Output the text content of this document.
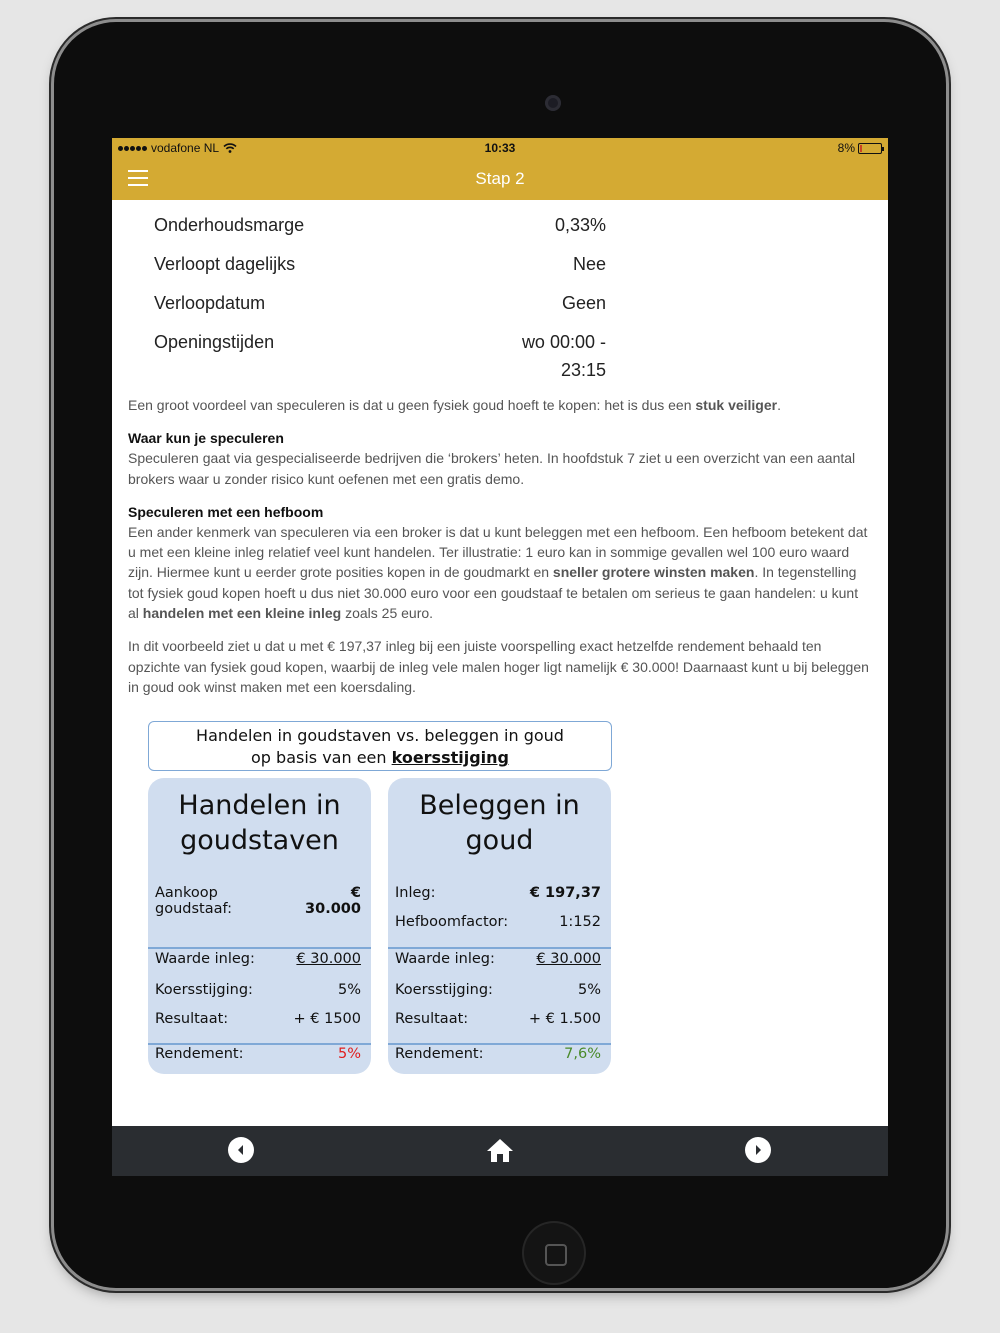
vodafone NL	10:33	8%
Stap 2
Onderhoudsmarge	0,33%
Verloopt dagelijks	Nee
Verloopdatum	Geen
Openingstijden	wo 00:00 -
23:15

Een groot voordeel van speculeren is dat u geen fysiek goud hoeft te kopen: het is dus een stuk veiliger.

Waar kun je speculeren

Speculeren gaat via gespecialiseerde bedrijven die ‘brokers’ heten. In hoofdstuk 7 ziet u een overzicht van een aantal brokers waar u zonder risico kunt oefenen met een gratis demo.

Speculeren met een hefboom

Een ander kenmerk van speculeren via een broker is dat u kunt beleggen met een hefboom. Een hefboom betekent dat u met een kleine inleg relatief veel kunt handelen. Ter illustratie: 1 euro kan in sommige gevallen wel 100 euro waard zijn. Hiermee kunt u eerder grote posities kopen in de goudmarkt en sneller grotere winsten maken. In tegenstelling tot fysiek goud kopen hoeft u dus niet 30.000 euro voor een goudstaaf te betalen om serieus te gaan handelen: u kunt al handelen met een kleine inleg zoals 25 euro.

In dit voorbeeld ziet u dat u met € 197,37 inleg bij een juiste voorspelling exact hetzelfde rendement behaald ten opzichte van fysiek goud kopen, waarbij de inleg vele malen hoger ligt namelijk € 30.000! Daarnaast kunt u bij beleggen in goud ook winst maken met een koersdaling.

Handelen in goudstaven vs. beleggen in goud
op basis van een koersstijging
Handelen in
goudstaven
Aankoop goudstaaf:
€ 30.000
Waarde inleg:	€ 30.000
Koersstijging:	5%
Resultaat:	+ € 1500
Rendement:	5%
Beleggen in
goud
Inleg:	€ 197,37
Hefboomfactor:	1:152
Waarde inleg:	€ 30.000
Koersstijging:	5%
Resultaat:	+ € 1.500
Rendement:	7,6%
